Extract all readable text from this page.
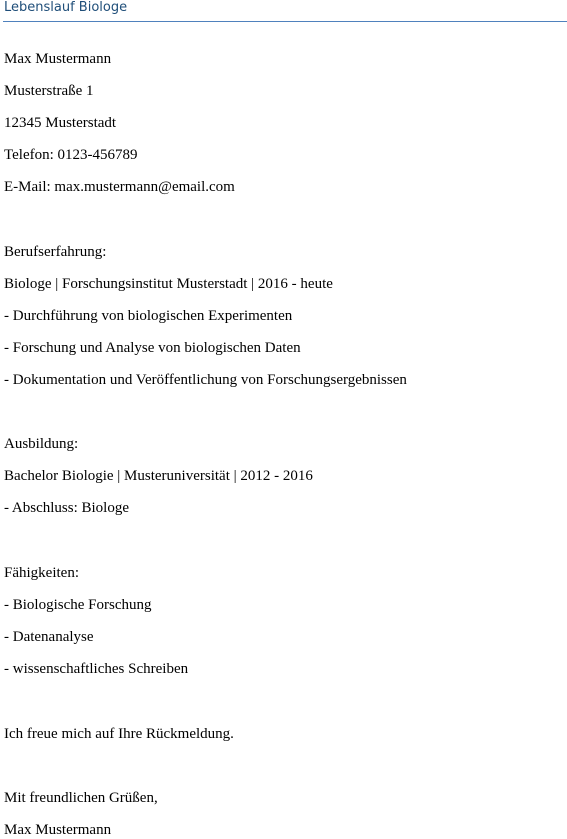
Lebenslauf Biologe
Max Mustermann
Musterstraße 1
12345 Musterstadt
Telefon: 0123-456789
E-Mail: max.mustermann@email.com
Berufserfahrung:
Biologe | Forschungsinstitut Musterstadt | 2016 - heute
- Durchführung von biologischen Experimenten
- Forschung und Analyse von biologischen Daten
- Dokumentation und Veröffentlichung von Forschungsergebnissen
Ausbildung:
Bachelor Biologie | Musteruniversität | 2012 - 2016
- Abschluss: Biologe
Fähigkeiten:
- Biologische Forschung
- Datenanalyse
- wissenschaftliches Schreiben
Ich freue mich auf Ihre Rückmeldung.
Mit freundlichen Grüßen,
Max Mustermann
